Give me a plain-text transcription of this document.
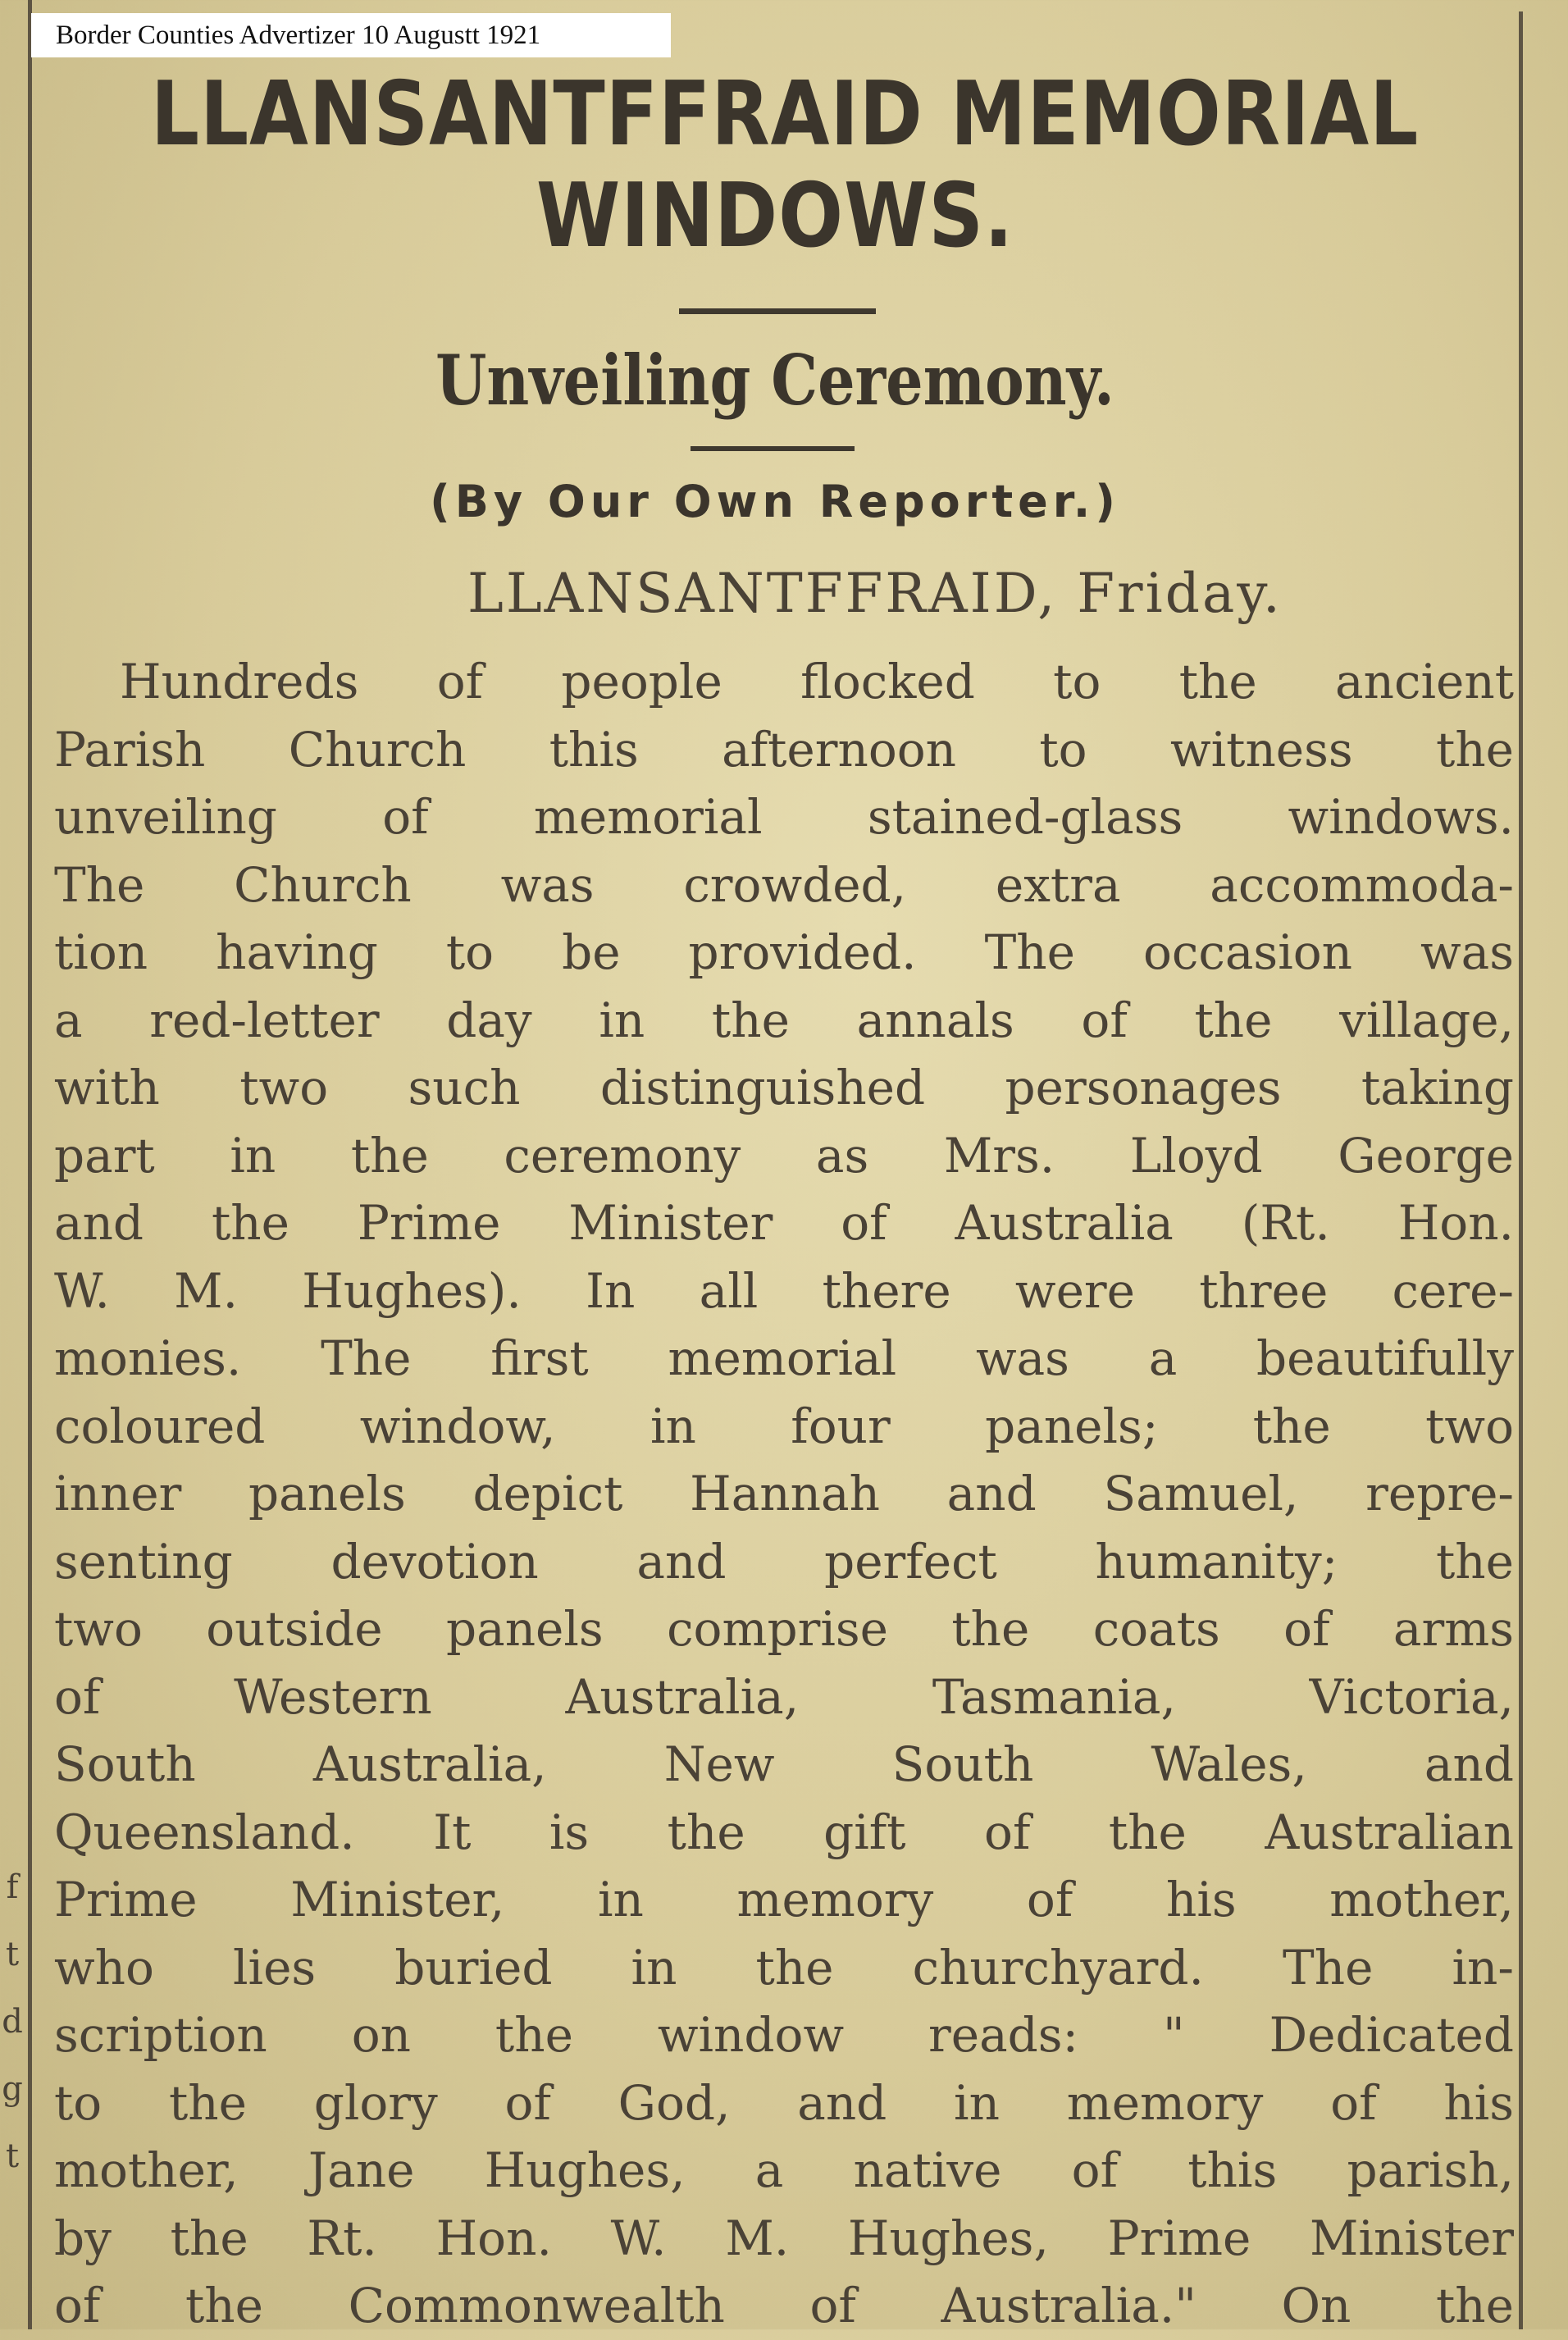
f
t
d
g
t
Border Counties Advertizer 10 Augustt 1921
LLANSANTFFRAID MEMORIAL
WINDOWS.
Unveiling Ceremony.
(By Our Own Reporter.)
LLANSANTFFRAID, Friday.
Hundreds of people flocked to the ancient
Parish Church this afternoon to witness the
unveiling of memorial stained-glass windows.
The Church was crowded, extra accommoda-
tion having to be provided. The occasion was
a red-letter day in the annals of the village,
with two such distinguished personages taking
part in the ceremony as Mrs. Lloyd George
and the Prime Minister of Australia (Rt. Hon.
W. M. Hughes). In all there were three cere-
monies. The first memorial was a beautifully
coloured window, in four panels; the two
inner panels depict Hannah and Samuel, repre-
senting devotion and perfect humanity; the
two outside panels comprise the coats of arms
of Western Australia, Tasmania, Victoria,
South Australia, New South Wales, and
Queensland. It is the gift of the Australian
Prime Minister, in memory of his mother,
who lies buried in the churchyard. The in-
scription on the window reads: " Dedicated
to the glory of God, and in memory of his
mother, Jane Hughes, a native of this parish,
by the Rt. Hon. W. M. Hughes, Prime Minister
of the Commonwealth of Australia." On the
